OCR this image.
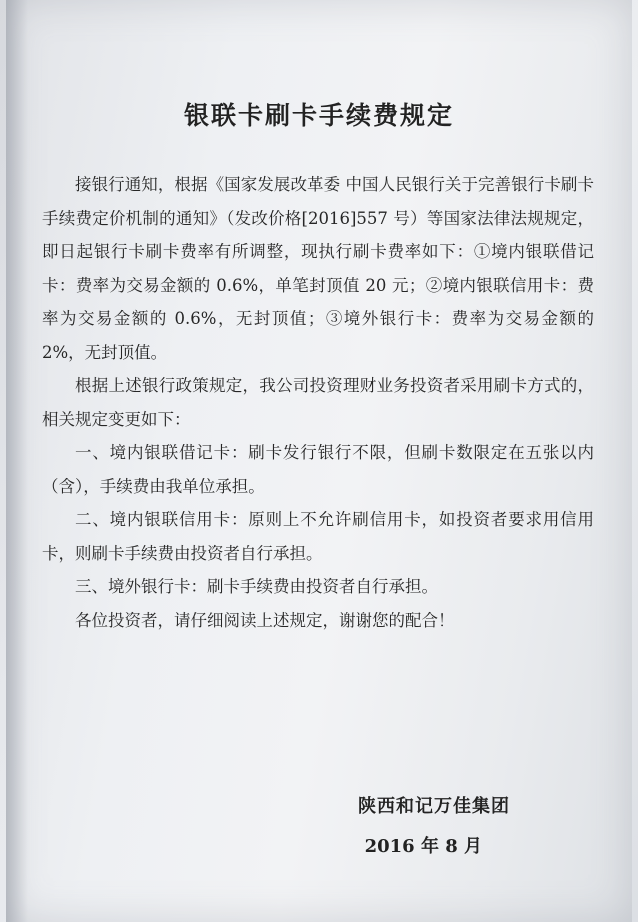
银联卡刷卡手续费规定

接银行通知，根据《国家发展改革委 中国人民银行关于完善银行卡刷卡手续费定价机制的通知》（发改价格[2016]557 号）等国家法律法规规定，即日起银行卡刷卡费率有所调整，现执行刷卡费率如下：①境内银联借记卡：费率为交易金额的 0.6%，单笔封顶值 20 元；②境内银联信用卡：费率为交易金额的 0.6%，无封顶值；③境外银行卡：费率为交易金额的 2%，无封顶值。

根据上述银行政策规定，我公司投资理财业务投资者采用刷卡方式的，相关规定变更如下：

一、境内银联借记卡：刷卡发行银行不限，但刷卡数限定在五张以内（含），手续费由我单位承担。

二、境内银联信用卡：原则上不允许刷信用卡，如投资者要求用信用卡，则刷卡手续费由投资者自行承担。

三、境外银行卡：刷卡手续费由投资者自行承担。

各位投资者，请仔细阅读上述规定，谢谢您的配合！

陕西和记万佳集团
2016 年 8 月
